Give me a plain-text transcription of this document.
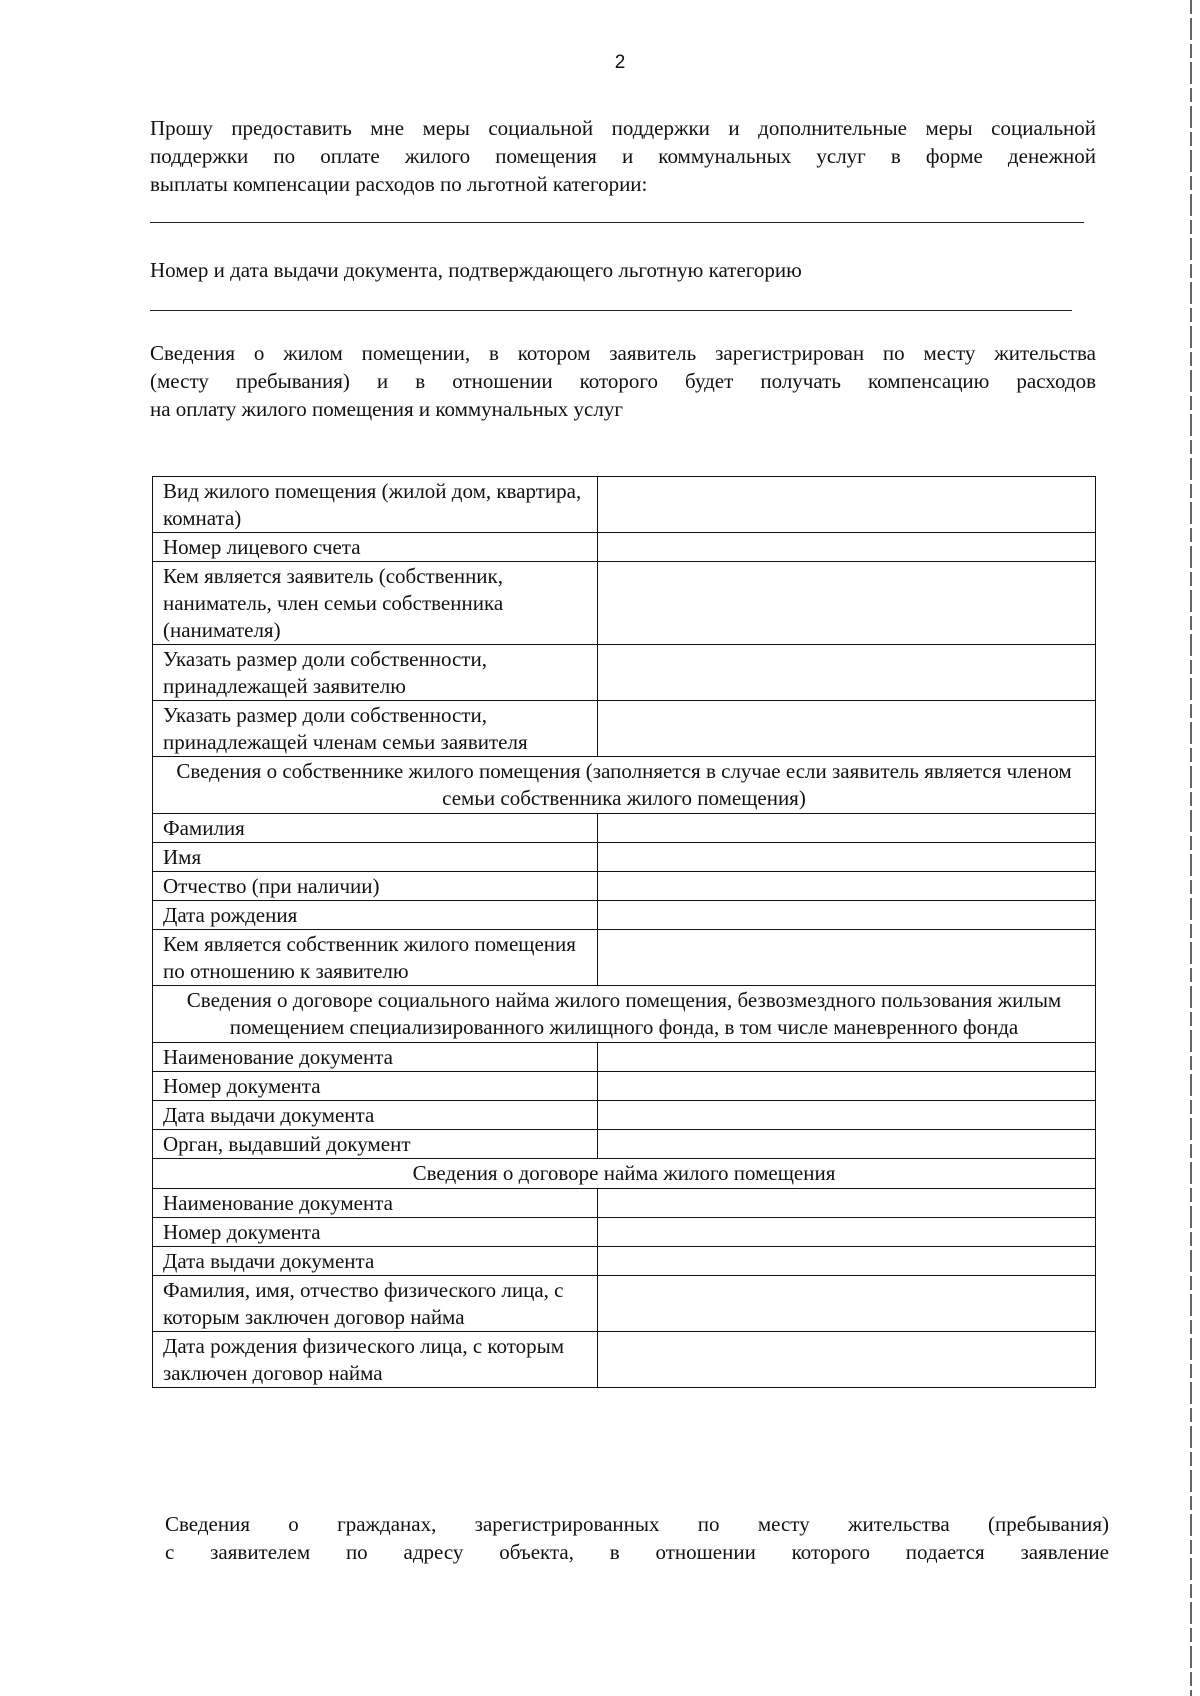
2
Прошу предоставить мне меры социальной поддержки и дополнительные меры социальной
поддержки по оплате жилого помещения и коммунальных услуг в форме денежной
выплаты компенсации расходов по льготной категории:
Номер и дата выдачи документа, подтверждающего льготную категорию
Сведения о жилом помещении, в котором заявитель зарегистрирован по месту жительства
(месту пребывания) и в отношении которого будет получать компенсацию расходов
на оплату жилого помещения и коммунальных услуг
Вид жилого помещения (жилой дом, квартира, комната)	
Номер лицевого счета	
Кем является заявитель (собственник, наниматель, член семьи собственника (нанимателя)	
Указать размер доли собственности, принадлежащей заявителю	
Указать размер доли собственности, принадлежащей членам семьи заявителя	
Сведения о собственнике жилого помещения (заполняется в случае если заявитель является членом семьи собственника жилого помещения)	
Фамилия	
Имя	
Отчество (при наличии)	
Дата рождения	
Кем является собственник жилого помещения по отношению к заявителю	
Сведения о договоре социального найма жилого помещения, безвозмездного пользования жилым помещением специализированного жилищного фонда, в том числе маневренного фонда	
Наименование документа	
Номер документа	
Дата выдачи документа	
Орган, выдавший документ	
Сведения о договоре найма жилого помещения	
Наименование документа	
Номер документа	
Дата выдачи документа	
Фамилия, имя, отчество физического лица, с которым заключен договор найма	
Дата рождения физического лица, с которым заключен договор найма	
Сведения о гражданах, зарегистрированных по месту жительства (пребывания)
с заявителем по адресу объекта, в отношении которого подается заявление
